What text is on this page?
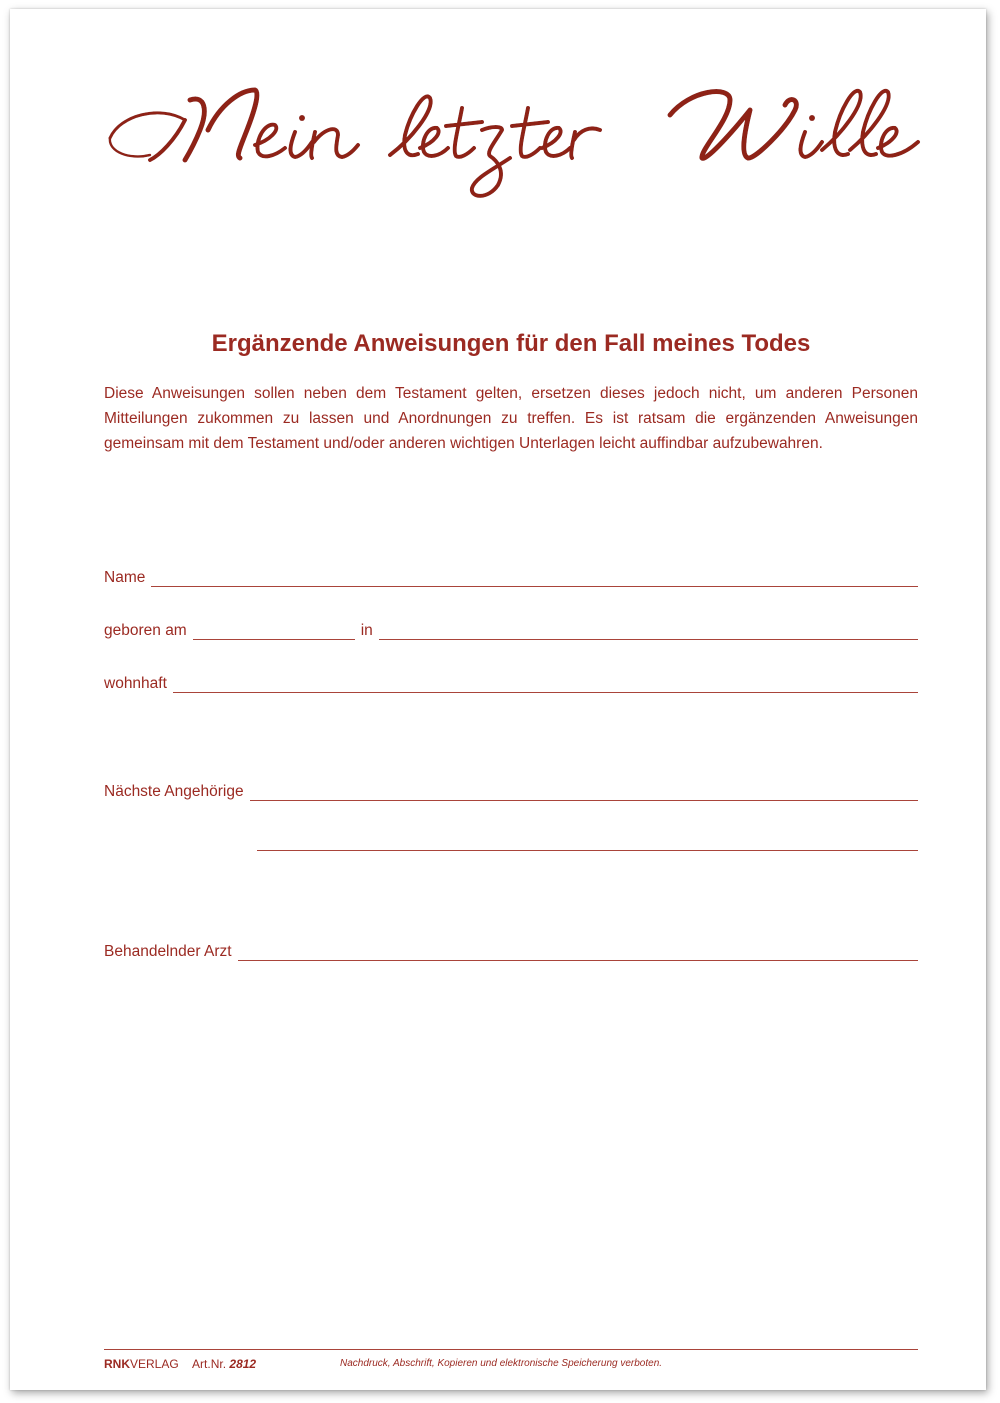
Ergänzende Anweisungen für den Fall meines Todes

Diese Anweisungen sollen neben dem Testament gelten, ersetzen dieses jedoch nicht, um anderen Personen Mitteilungen zukommen zu lassen und Anordnungen zu treffen. Es ist ratsam die ergänzenden Anweisungen gemeinsam mit dem Testament und/oder anderen wichtigen Unterlagen leicht auffindbar aufzubewahren.

Name
geboren am	in
wohnhaft
Nächste Angehörige
Behandelnder Arzt
RNKVERLAG Art.Nr. 2812	Nachdruck, Abschrift, Kopieren und elektronische Speicherung verboten.
